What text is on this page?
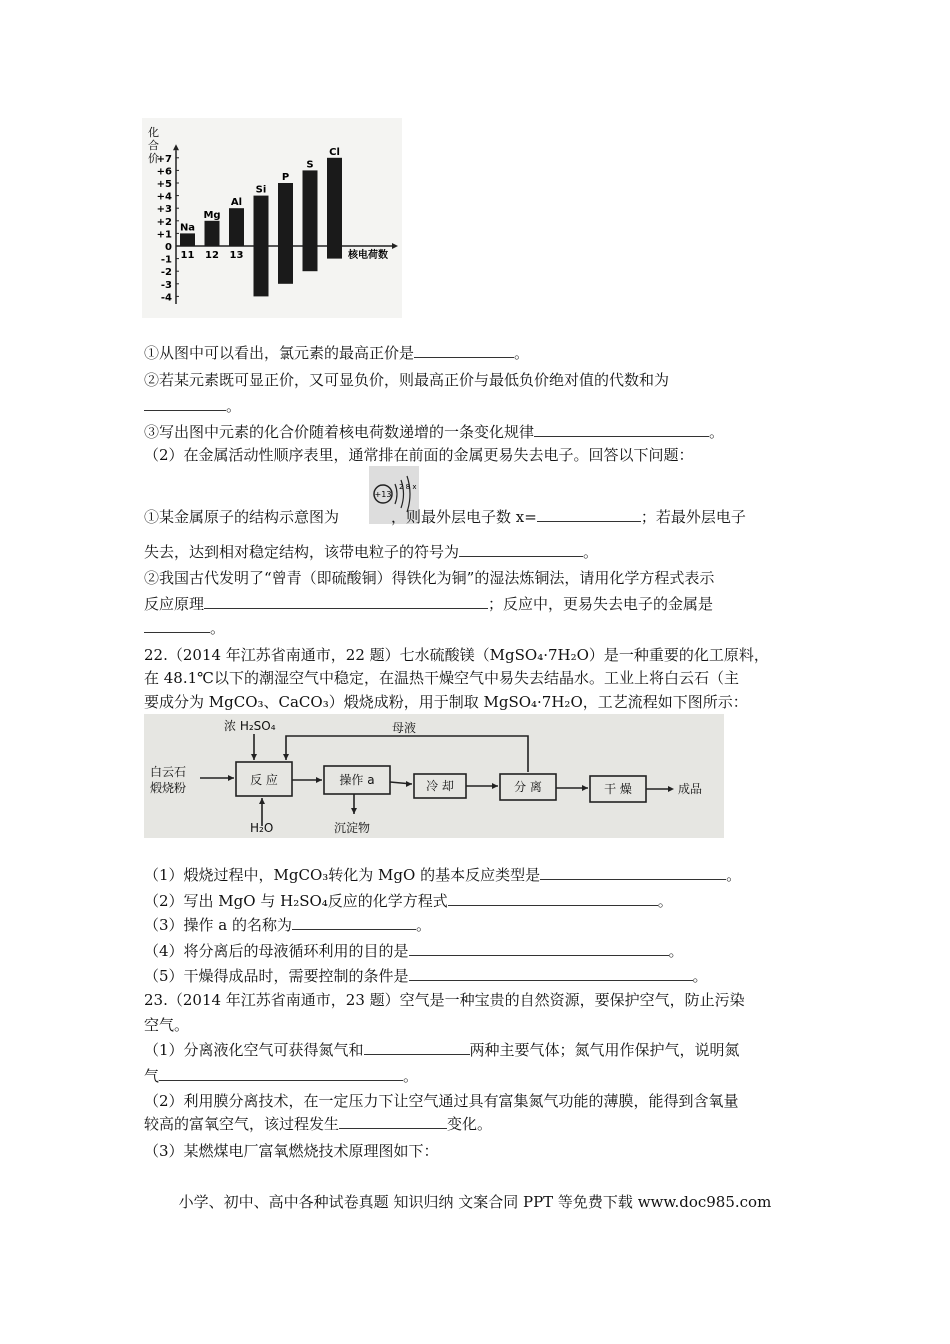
化
合
价
+7
+6
+5
+4
+3
+2
+1
0
-1
-2
-3
-4
Na
Mg
Al
Si
P
S
Cl
11 12 13	核电荷数
①从图中可以看出，氯元素的最高正价是	。
②若某元素既可显正价，又可显负价，则最高正价与最低负价绝对值的代数和为
。
③写出图中元素的化合价随着核电荷数递增的一条变化规律	。
（2）在金属活动性顺序表里，通常排在前面的金属更易失去电子。回答以下问题：
+13
2 8 x
①某金属原子的结构示意图为	，则最外层电子数 x=	；若最外层电子
失去，达到相对稳定结构，该带电粒子的符号为	。
②我国古代发明了“曾青（即硫酸铜）得铁化为铜”的湿法炼铜法，请用化学方程式表示
反应原理	；反应中，更易失去电子的金属是
。
22.（2014 年江苏省南通市，22 题）七水硫酸镁（MgSO₄·7H₂O）是一种重要的化工原料，
在 48.1℃以下的潮湿空气中稳定，在温热干燥空气中易失去结晶水。工业上将白云石（主
要成分为 MgCO₃、CaCO₃）煅烧成粉，用于制取 MgSO₄·7H₂O，工艺流程如下图所示：
白云石
煅烧粉
浓 H₂SO₄
H₂O
母液
反 应	操作 a	冷 却	分 离	干 燥
沉淀物
成品
（1）煅烧过程中，MgCO₃转化为 MgO 的基本反应类型是	。
（2）写出 MgO 与 H₂SO₄反应的化学方程式	。
（3）操作 a 的名称为	。
（4）将分离后的母液循环利用的目的是	。
（5）干燥得成品时，需要控制的条件是	。
23.（2014 年江苏省南通市，23 题）空气是一种宝贵的自然资源，要保护空气，防止污染
空气。
（1）分离液化空气可获得氮气和	两种主要气体；氮气用作保护气，说明氮
气	。
（2）利用膜分离技术，在一定压力下让空气通过具有富集氮气功能的薄膜，能得到含氧量
较高的富氧空气，该过程发生	变化。
（3）某燃煤电厂富氧燃烧技术原理图如下：
小学、初中、高中各种试卷真题 知识归纳 文案合同 PPT 等免费下载 www.doc985.com
